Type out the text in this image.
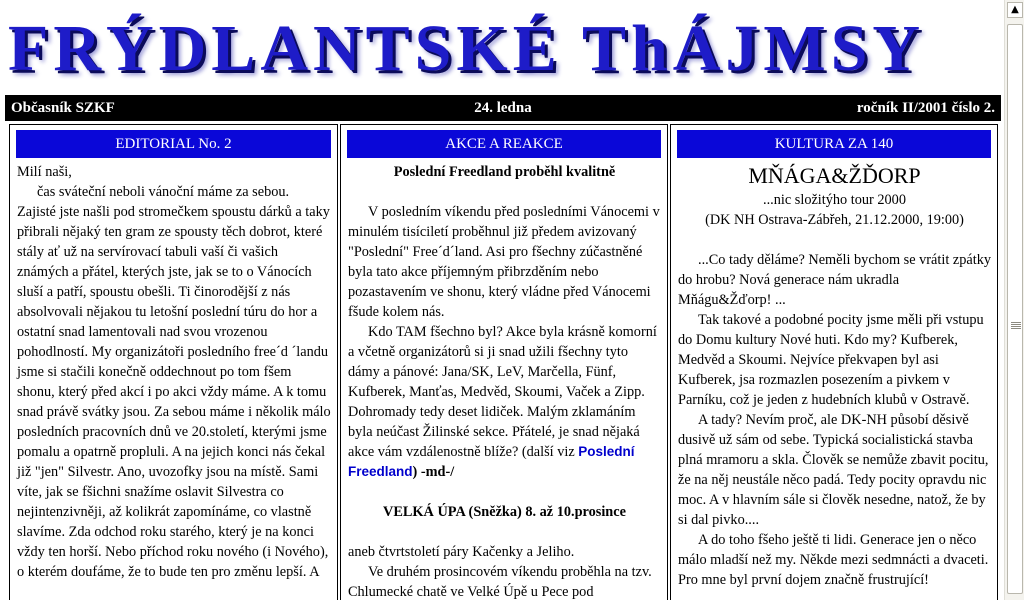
FRÝDLANTSKÉ ThÁJMSY
Občasník SZKF	24. ledna	ročník II/2001 číslo 2.
EDITORIAL No. 2

Milí naši,

čas sváteční neboli vánoční máme za sebou. Zajisté jste našli pod stromečkem spoustu dárků a taky přibrali nějaký ten gram ze spousty těch dobrot, které stály ať už na servírovací tabuli vaší či vašich známých a přátel, kterých jste, jak se to o Vánocích sluší a patří, spoustu obešli. Ti činorodější z nás absolvovali nějakou tu letošní poslední túru do hor a ostatní snad lamentovali nad svou vrozenou pohodlností. My organizátoři posledního free´d ´landu jsme si stačili konečně oddechnout po tom fšem shonu, který před akcí i po akci vždy máme. A k tomu snad právě svátky jsou. Za sebou máme i několik málo posledních pracovních dnů ve 20.století, kterými jsme pomalu a opatrně propluli. A na jejich konci nás čekal již "jen" Silvestr. Ano, uvozofky jsou na místě. Sami víte, jak se fšichni snažíme oslavit Silvestra co nejintenzivněji, až kolikrát zapomínáme, co vlastně slavíme. Zda odchod roku starého, který je na konci vždy ten horší. Nebo příchod roku nového (i Nového), o kterém doufáme, že to bude ten pro změnu lepší. A

AKCE A REAKCE

Poslední Freedland proběhl kvalitně

V posledním víkendu před posledními Vánocemi v minulém tisíciletí proběhnul již předem avizovaný "Poslední" Free´d´land. Asi pro fšechny zúčastněné byla tato akce příjemným přibrzděním nebo pozastavením ve shonu, který vládne před Vánocemi fšude kolem nás.

Kdo TAM fšechno byl? Akce byla krásně komorní a včetně organizátorů si ji snad užili fšechny tyto dámy a pánové: Jana/SK, LeV, Marčella, Fünf, Kufberek, Manťas, Medvěd, Skoumi, Vaček a Zipp. Dohromady tedy deset lidiček. Malým zklamáním byla neúčast Žilinské sekce. Přátelé, je snad nějaká akce vám vzdálenostně blíže? (další viz Poslední Freedland) -md-/

VELKÁ ÚPA (Sněžka) 8. až 10.prosince

aneb čtvrtstoletí páry Kačenky a Jeliho.

Ve druhém prosincovém víkendu proběhla na tzv. Chlumecké chatě ve Velké Úpě u Pece pod

KULTURA ZA 140

MŇÁGA&ŽĎORP

...nic složitýho tour 2000

(DK NH Ostrava-Zábřeh, 21.12.2000, 19:00)

...Co tady děláme? Neměli bychom se vrátit zpátky do hrobu? Nová generace nám ukradla Mňágu&Žďorp! ...

Tak takové a podobné pocity jsme měli při vstupu do Domu kultury Nové huti. Kdo my? Kufberek, Medvěd a Skoumi. Nejvíce překvapen byl asi Kufberek, jsa rozmazlen posezením a pivkem v Parníku, což je jeden z hudebních klubů v Ostravě.

A tady? Nevím proč, ale DK-NH působí děsivě dusivě už sám od sebe. Typická socialistická stavba plná mramoru a skla. Člověk se nemůže zbavit pocitu, že na něj neustále něco padá. Tedy pocity opravdu nic moc. A v hlavním sále si člověk nesedne, natož, že by si dal pivko....

A do toho fšeho ještě ti lidi. Generace jen o něco málo mladší než my. Někde mezi sedmnácti a dvaceti. Pro mne byl první dojem značně frustrující!

▲
